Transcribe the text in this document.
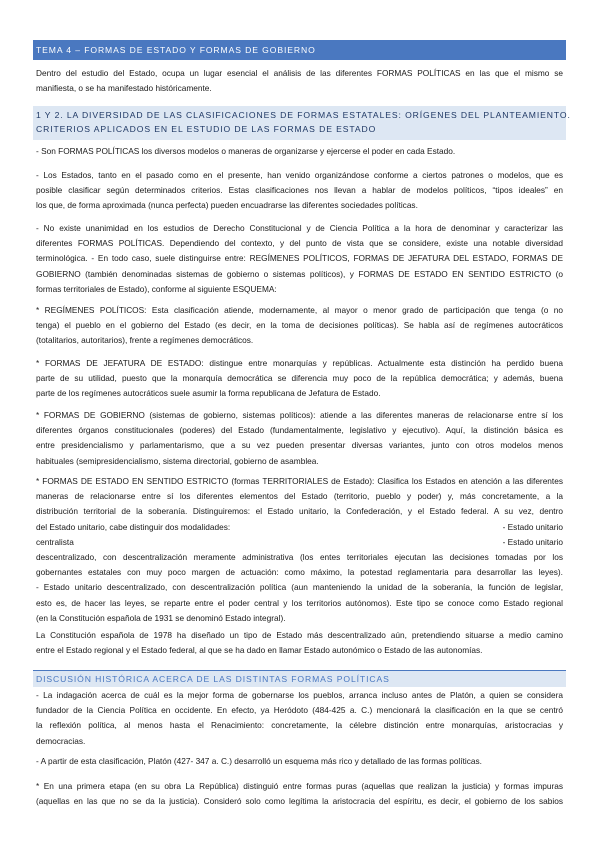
TEMA 4 – FORMAS DE ESTADO Y FORMAS DE GOBIERNO
Dentro del estudio del Estado, ocupa un lugar esencial el análisis de las diferentes FORMAS POLÍTICAS en las que el mismo se
manifiesta, o se ha manifestado históricamente.
1 Y 2. LA DIVERSIDAD DE LAS CLASIFICACIONES DE FORMAS ESTATALES: ORÍGENES DEL PLANTEAMIENTO.
CRITERIOS APLICADOS EN EL ESTUDIO DE LAS FORMAS DE ESTADO
- Son FORMAS POLÍTICAS los diversos modelos o maneras de organizarse y ejercerse el poder en cada Estado.
- Los Estados, tanto en el pasado como en el presente, han venido organizándose conforme a ciertos patrones o modelos, que es
posible clasificar según determinados criterios. Estas clasificaciones nos llevan a hablar de modelos políticos, “tipos ideales” en
los que, de forma aproximada (nunca perfecta) pueden encuadrarse las diferentes sociedades políticas.
- No existe unanimidad en los estudios de Derecho Constitucional y de Ciencia Política a la hora de denominar y caracterizar las
diferentes FORMAS POLÍTICAS. Dependiendo del contexto, y del punto de vista que se considere, existe una notable diversidad
terminológica. - En todo caso, suele distinguirse entre: REGÍMENES POLÍTICOS, FORMAS DE JEFATURA DEL ESTADO, FORMAS DE
GOBIERNO (también denominadas sistemas de gobierno o sistemas políticos), y FORMAS DE ESTADO EN SENTIDO ESTRICTO (o
formas territoriales de Estado), conforme al siguiente ESQUEMA:
* REGÍMENES POLÍTICOS: Esta clasificación atiende, modernamente, al mayor o menor grado de participación que tenga (o no
tenga) el pueblo en el gobierno del Estado (es decir, en la toma de decisiones políticas). Se habla así de regímenes autocráticos
(totalitarios, autoritarios), frente a regímenes democráticos.
* FORMAS DE JEFATURA DE ESTADO: distingue entre monarquías y repúblicas. Actualmente esta distinción ha perdido buena
parte de su utilidad, puesto que la monarquía democrática se diferencia muy poco de la república democrática; y además, buena
parte de los regímenes autocráticos suele asumir la forma republicana de Jefatura de Estado.
* FORMAS DE GOBIERNO (sistemas de gobierno, sistemas políticos): atiende a las diferentes maneras de relacionarse entre sí los
diferentes órganos constitucionales (poderes) del Estado (fundamentalmente, legislativo y ejecutivo). Aquí, la distinción básica es
entre presidencialismo y parlamentarismo, que a su vez pueden presentar diversas variantes, junto con otros modelos menos
habituales (semipresidencialismo, sistema directorial, gobierno de asamblea.
* FORMAS DE ESTADO EN SENTIDO ESTRICTO (formas TERRITORIALES de Estado): Clasifica los Estados en atención a las diferentes
maneras de relacionarse entre sí los diferentes elementos del Estado (territorio, pueblo y poder) y, más concretamente, a la
distribución territorial de la soberanía. Distinguiremos: el Estado unitario, la Confederación, y el Estado federal. A su vez, dentro
del Estado unitario, cabe distinguir dos modalidades:	- Estado unitario
centralista	- Estado unitario
descentralizado, con descentralización meramente administrativa (los entes territoriales ejecutan las decisiones tomadas por los
gobernantes estatales con muy poco margen de actuación: como máximo, la potestad reglamentaria para desarrollar las leyes).
- Estado unitario descentralizado, con descentralización política (aun manteniendo la unidad de la soberanía, la función de legislar,
esto es, de hacer las leyes, se reparte entre el poder central y los territorios autónomos). Este tipo se conoce como Estado regional
(en la Constitución española de 1931 se denominó Estado integral).
La Constitución española de 1978 ha diseñado un tipo de Estado más descentralizado aún, pretendiendo situarse a medio camino
entre el Estado regional y el Estado federal, al que se ha dado en llamar Estado autonómico o Estado de las autonomías.
DISCUSIÓN HISTÓRICA ACERCA DE LAS DISTINTAS FORMAS POLÍTICAS
- La indagación acerca de cuál es la mejor forma de gobernarse los pueblos, arranca incluso antes de Platón, a quien se considera
fundador de la Ciencia Política en occidente. En efecto, ya Heródoto (484-425 a. C.) mencionará la clasificación en la que se centró
la reflexión política, al menos hasta el Renacimiento: concretamente, la célebre distinción entre monarquías, aristocracias y
democracias.
- A partir de esta clasificación, Platón (427- 347 a. C.) desarrolló un esquema más rico y detallado de las formas políticas.
* En una primera etapa (en su obra La República) distinguió entre formas puras (aquellas que realizan la justicia) y formas impuras
(aquellas en las que no se da la justicia). Consideró solo como legítima la aristocracia del espíritu, es decir, el gobierno de los sabios
